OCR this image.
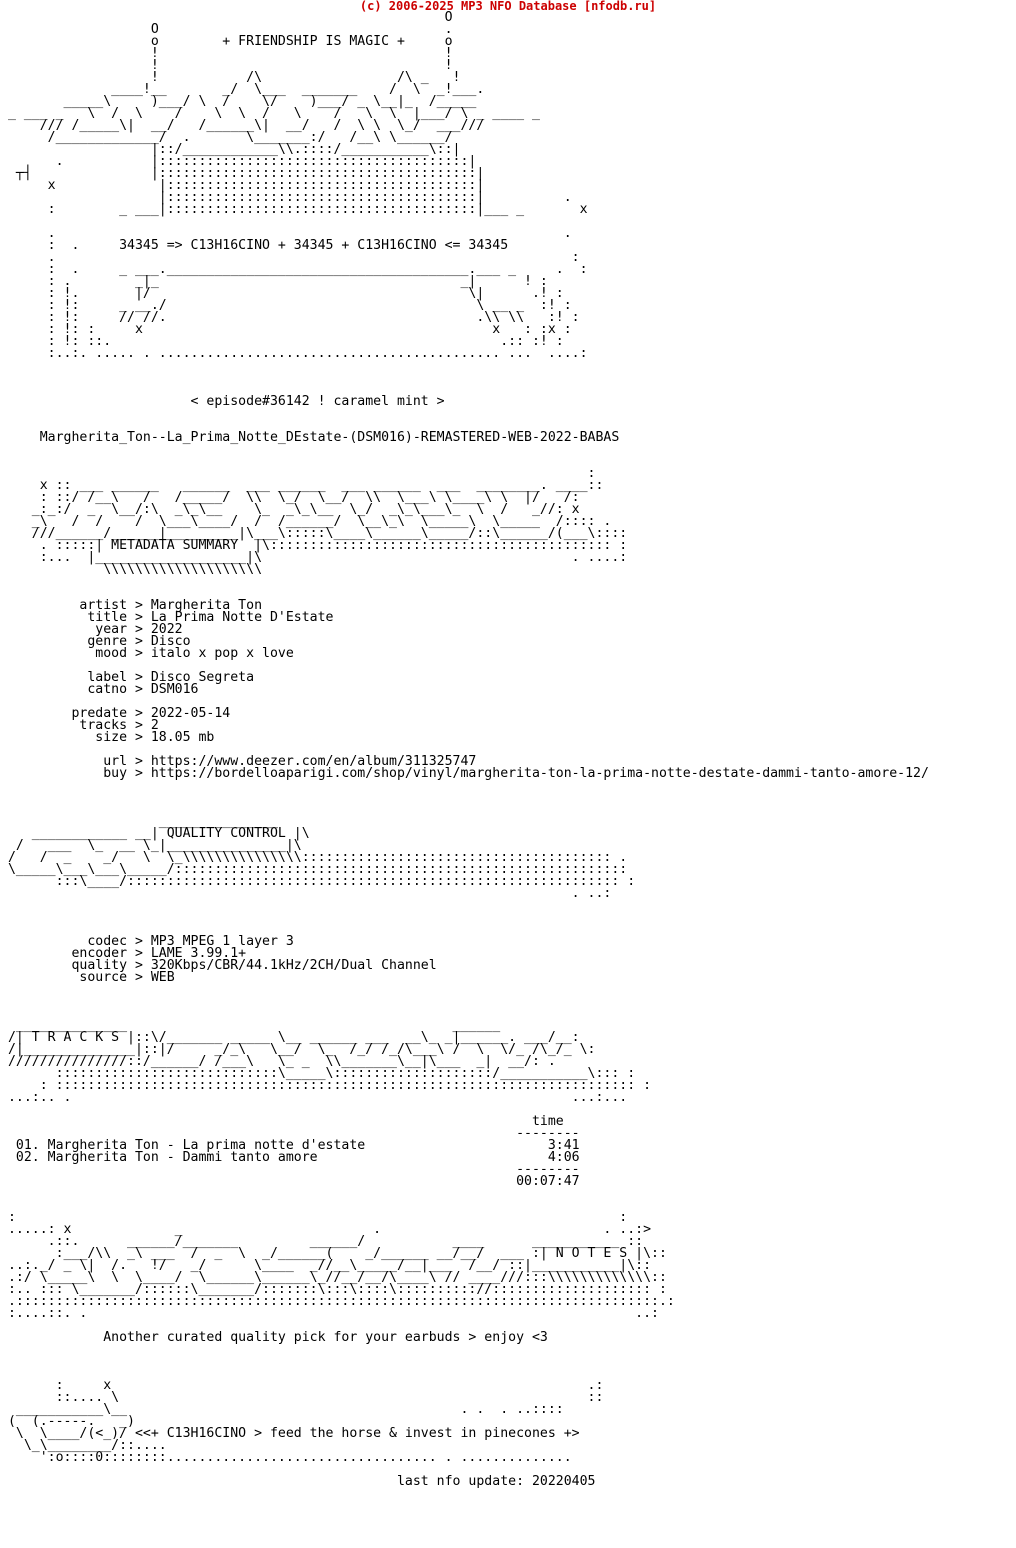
(c) 2006-2025 MP3 NFO Database [nfodb.ru]
O
O                                    .
o        + FRIENDSHIP IS MAGIC +     o
!                                    !
!                                    !
!           /\                 /\ _   !
____!__       _/  \___  _______    /  \  _!___.
_____\     )___/ \  /    \/    )___/ _ \__|_  /_____
_ ___ _   \  /  \    /    \  \  /   \    /   \  \  |___/ \ _ ____ _
/// /_____\|  __/   /______\|  __/   /  \ \  \_/  ___///
/_____________/  .       \_______:/   /__\ \______/
|::/____________\\.::::/___________\::|
.           |:::::::::::::::::::::::::::::::::::::::|
┬┤               |::::::::::::::::::::::::::::::::::::::::|
x             |:::::::::::::::::::::::::::::::::::::::|
|:::::::::::::::::::::::::::::::::::::::|          .
:        _ ___|:::::::::::::::::::::::::::::::::::::::|___ _       x

.                                                                .
:  .     34345 => C13H16CINO + 34345 + C13H16CINO <= 34345
.                                                                 :
:  .     _ ___.______________________________________.___ _     .  :
: .        _|_                                      _|      ! :
: !.       |/                                        \|      .! :
: !:     _ __./                                       \ __ _  :! :
: !:     // //.                                       .\\ \\   :! :
: !: :     x                                            x   : :x :
: !: ::.                                                 .:: :! :
:..:. ..... . ........................................... ...  ....:

< episode#36142 ! caramel mint >

Margherita_Ton--La_Prima_Notte_DEstate-(DSM016)-REMASTERED-WEB-2022-BABAS

:
x :: ___ ______   ______  ___ ______  ___ ______  ___  ________. ____::
: ::/ /__\   /   /_____/  \\  \_/  \__/  \\  \___\ \____\ \  |/   /:
_:_:/  _  \__/:\  _\_\__    \_  _\_\__  \_/  _\_\___\_  \  /   _//: x
_\   /  /    /  \___\____/  /  /______/  \__\_\  \_____\  \_____  /:::: .
///______/______|_________|\___\:::::\____\______\_____/::\______/(___\::::
. :::::| METADATA SUMMARY  |\::::::::::::::::::::::::::::::::::::::::::: :
:...  |___________________|\                                       . ....:
\\\\\\\\\\\\\\\\\\\\

artist > Margherita Ton
title > La Prima Notte D'Estate
year > 2022
genre > Disco
mood > italo x pop x love

label > Disco Segreta
catno > DSM016

predate > 2022-05-14
tracks > 2
size > 18.05 mb

url > https://www.deezer.com/en/album/311325747
buy > https://bordelloaparigi.com/shop/vinyl/margherita-ton-la-prima-notte-destate-dammi-tanto-amore-12/

_______________
____________ __| QUALITY CONTROL |\
/   ___  \_  __ \_|_______________|\
/   /  _    _/   \  \_\\\\\\\\\\\\\\\::::::::::::::::::::::::::::::::::::::: .
\_____\___\___\_____/:::::::::::::::::::::::::::::::::::::::::::::::::::::::::
:::\____/:::::::::::::::::::::::::::::::::::::::::::::::::::::::::::::: :
. ..:

codec > MP3 MPEG 1 layer 3
encoder > LAME 3.99.1+
quality > 320Kbps/CBR/44.1kHz/2CH/Dual Channel
source > WEB

______________                                         ______
/| T R A C K S |::\/_______ _____ \__ ______ ___  __\_ _|______. ___/__:
/|______________|::|/     _/_\   \__/  \_  /_/ /_/\___\ /  \  \/_ /\_/_ \:
///////////////::/______/ /___\   \_ _  \\_______\__|\___  _|  __/: .
::::::::::::::::::::::::::::\_____\::::::::::::::::::::/___________\::: :
: ::::::::::::::::::::::::::::::::::::::::::::::::::::::::::::::::::::::::: :
...:.. .                                                               ...:...

time
--------
01. Margherita Ton - La prima notte d'estate                       3:41
02. Margherita Ton - Dammi tanto amore                             4:06
--------
00:07:47

:                                                                            :
.....: x             _                        .                            . ..:>
.::.      ______/_______         ______/           ____      ___________ ::
:___/\\  _\ ___  /  _  \  _/______(    _/______ __/__/  ___ :| N O T E S |\::
..:._/ _ \|  /.   !/   _/      \____  _//__\_____/__|___  /__/ ::|___________|\::
.:/ \_____\  \  \____/  \______\______\_//__/__/\____\ // ____///:::\\\\\\\\\\\\\::
:.. ::: \_______/::::::\_______/:::::::\:::\::::\:::::::::://:::::::::::::::::::: :
.:::::::::::::::::::::::::::::::::::::::::::::::::::::::::::::::::::::::::::::::::.:
:....::. .                                                                     ..:

Another curated quality pick for your earbuds > enjoy <3

:     x                                                            .:
::.... \                                                           ::
___________\__                                          . .  . ..::::
(  (.-----.   _)
\  \____/(<_)/ <<+ C13H16CINO > feed the horse & invest in pinecones +>
\_\________/::....
':o::::0::::::::.................................. . ..............

last nfo update: 20220405
